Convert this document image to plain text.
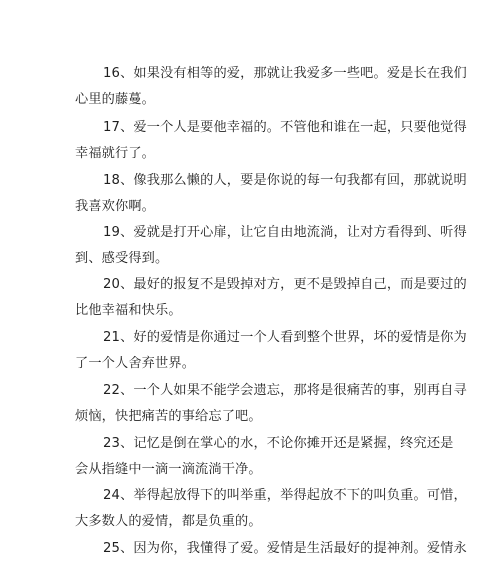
16、如果没有相等的爱，那就让我爱多一些吧。爱是长在我们
心里的藤蔓。
17、爱一个人是要他幸福的。不管他和谁在一起，只要他觉得
幸福就行了。
18、像我那么懒的人，要是你说的每一句我都有回，那就说明
我喜欢你啊。
19、爱就是打开心扉，让它自由地流淌，让对方看得到、听得
到、感受得到。
20、最好的报复不是毁掉对方，更不是毁掉自己，而是要过的
比他幸福和快乐。
21、好的爱情是你通过一个人看到整个世界，坏的爱情是你为
了一个人舍弃世界。
22、一个人如果不能学会遗忘，那将是很痛苦的事，别再自寻
烦恼，快把痛苦的事给忘了吧。
23、记忆是倒在掌心的水，不论你摊开还是紧握，终究还是
会从指缝中一滴一滴流淌干净。
24、举得起放得下的叫举重，举得起放不下的叫负重。可惜，
大多数人的爱情，都是负重的。
25、因为你，我懂得了爱。爱情是生活最好的提神剂。爱情永
